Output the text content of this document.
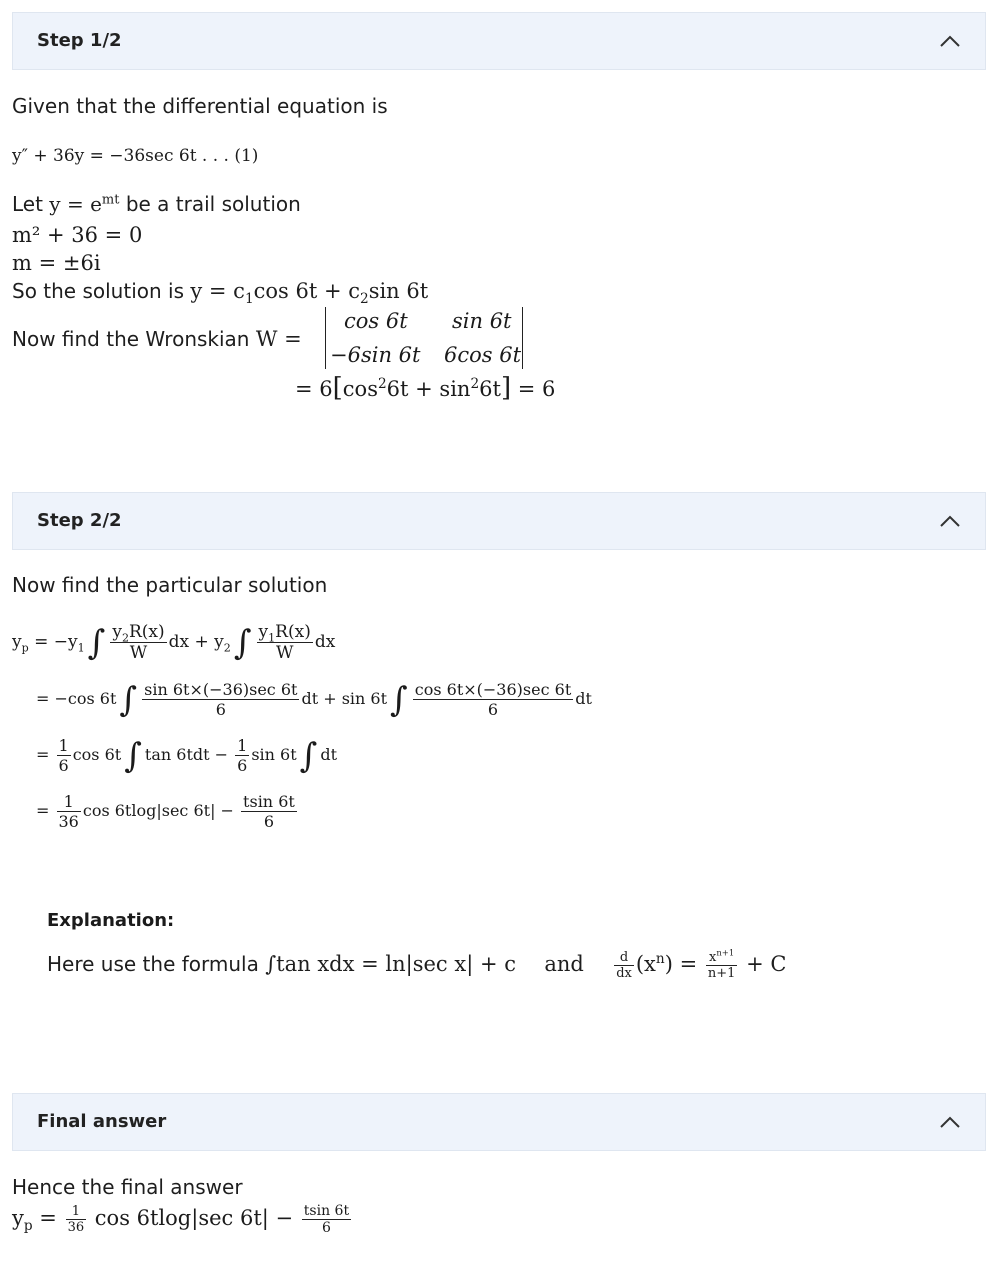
Step 1/2
Given that the differential equation is
y″ + 36y = −36sec 6t . . . (1)
Let $y = e^{mt}$ be a trail solution
m² + 36 = 0
m = ±6i
So the solution is $y = c_1\cos$ $6t + c_2\sin$ 6t
Now find the Wronskian W =
cos 6t sin 6t
−6sin 6t 6cos 6t
= $6[\cos^26t + \sin^26t] = 6$
Step 2/2
Now find the particular solution
$y_p = -y_1\int \frac{y_2R(x)}{W}$ dx + $y_2\int \frac{y_1R(x)}{W}$ dx
= −cos $6t\int \frac{\sin 6t\times(-36)\sec 6t}{6}$ dt + $\sin 6t\int \frac{\cos 6t\times(-36)\sec 6t}{6}$ dt
= $\frac{1}{6}$ cos 6t∫ $\tan 6tdt - \frac{1}{6}$ sin 6t∫ dt
= $\frac{1}{36}$ cos 6tlog|sec $6t| - \frac{tsin 6t}{6}$
Explanation:
Here use the formula ∫tan xdx = ln|sec x| + c and $\frac{d}{dx} (x^n) = \frac{x^{n+1}}{n+1} + C$
Final answer
Hence the final answer
$y_p = \frac{1}{36}$ cos 6tlog|sec $6t| - \frac{tsin 6t}{6}$
